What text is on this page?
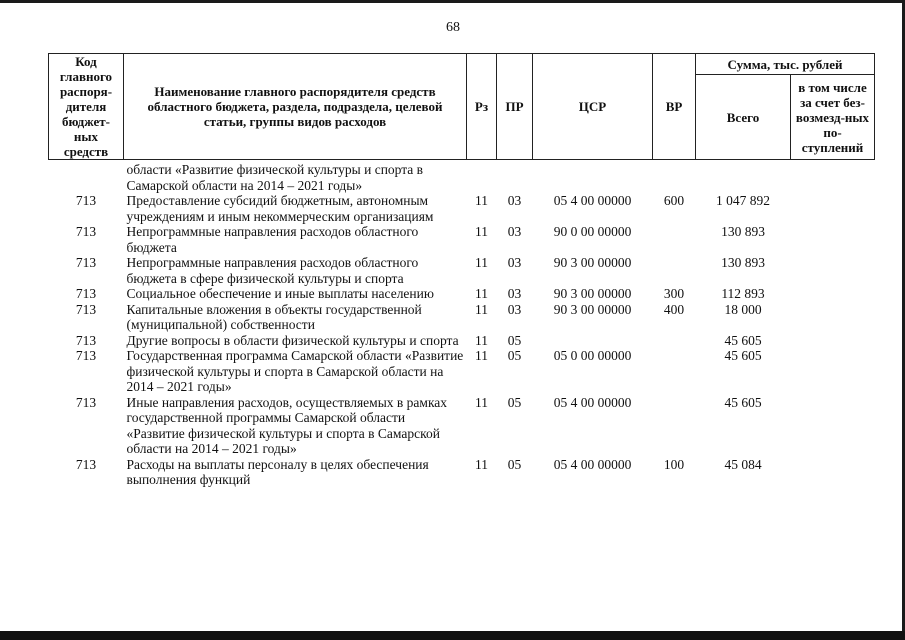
68
Код главного распоря-дителя бюджет-ных средств	Наименование главного распорядителя средств областного бюджета, раздела, подраздела, целевой статьи, группы видов расходов	Рз	ПР	ЦСР	ВР	Сумма, тыс. рублей	
						Всего	в том числе за счет без-возмезд-ных по-ступлений
	области «Развитие физической культуры и спорта в Самарской области на 2014 – 2021 годы»						
713	Предоставление субсидий бюджетным, автономным учреждениям и иным некоммерческим организациям	11	03	05 4 00 00000	600	1 047 892	
713	Непрограммные направления расходов областного бюджета	11	03	90 0 00 00000		130 893	
713	Непрограммные направления расходов областного бюджета в сфере физической культуры и спорта	11	03	90 3 00 00000		130 893	
713	Социальное обеспечение и иные выплаты населению	11	03	90 3 00 00000	300	112 893	
713	Капитальные вложения в объекты государственной (муниципальной) собственности	11	03	90 3 00 00000	400	18 000	
713	Другие вопросы в области физической культуры и спорта	11	05			45 605	
713	Государственная программа Самарской области «Развитие физической культуры и спорта в Самарской области на 2014 – 2021 годы»	11	05	05 0 00 00000		45 605	
713	Иные направления расходов, осуществляемых в рамках государственной программы Самарской области «Развитие физической культуры и спорта в Самарской области на 2014 – 2021 годы»	11	05	05 4 00 00000		45 605	
713	Расходы на выплаты персоналу в целях обеспечения выполнения функций	11	05	05 4 00 00000	100	45 084	
